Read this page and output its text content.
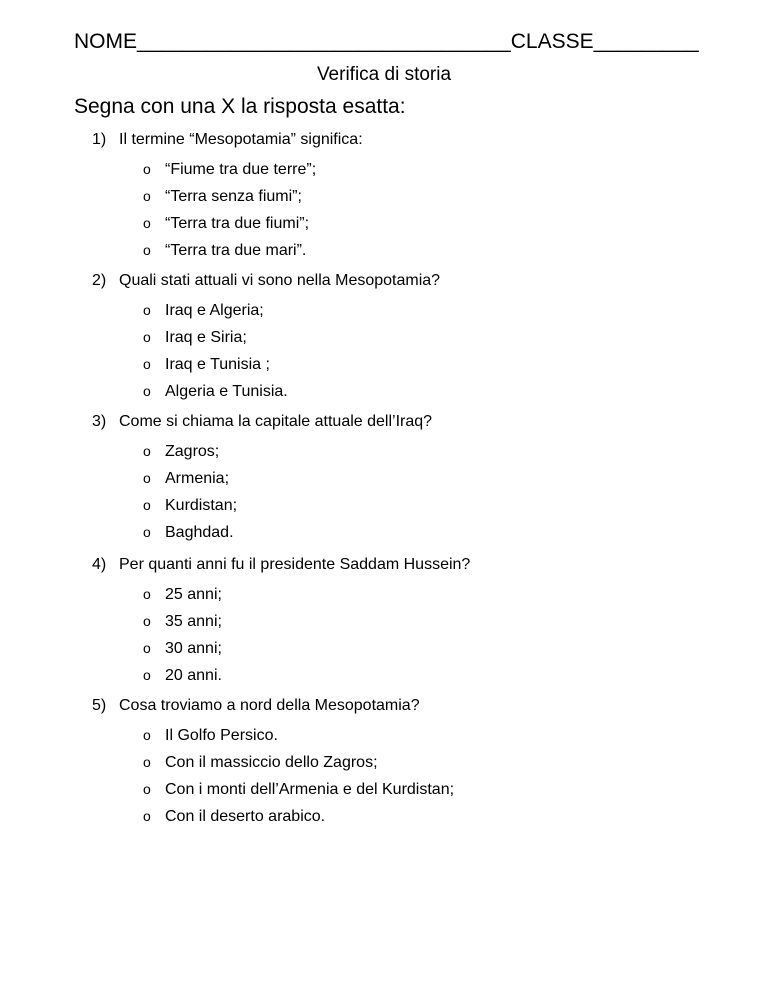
NOME________________________________CLASSE_________
Verifica di storia
Segna con una X la risposta esatta:
1) Il termine “Mesopotamia” significa:
o “Fiume tra due terre”;
o “Terra senza fiumi”;
o “Terra tra due fiumi”;
o “Terra tra due mari”.
2) Quali stati attuali vi sono nella Mesopotamia?
o Iraq e Algeria;
o Iraq e Siria;
o Iraq e Tunisia ;
o Algeria e Tunisia.
3) Come si chiama la capitale attuale dell’Iraq?
o Zagros;
o Armenia;
o Kurdistan;
o Baghdad.
4) Per quanti anni fu il presidente Saddam Hussein?
o 25 anni;
o 35 anni;
o 30 anni;
o 20 anni.
5) Cosa troviamo a nord della Mesopotamia?
o Il Golfo Persico.
o Con il massiccio dello Zagros;
o Con i monti dell’Armenia e del Kurdistan;
o Con il deserto arabico.
